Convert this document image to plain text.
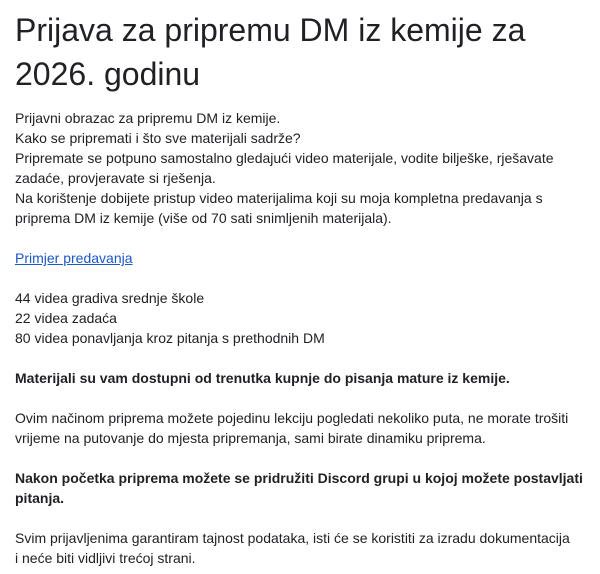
Prijava za pripremu DM iz kemije za
2026. godinu
Prijavni obrazac za pripremu DM iz kemije.
Kako se pripremati i što sve materijali sadrže?
Pripremate se potpuno samostalno gledajući video materijale, vodite bilješke, rješavate
zadaće, provjeravate si rješenja.
Na korištenje dobijete pristup video materijalima koji su moja kompletna predavanja s
priprema DM iz kemije (više od 70 sati snimljenih materijala).
Primjer predavanja
44 videa gradiva srednje škole
22 videa zadaća
80 videa ponavljanja kroz pitanja s prethodnih DM
Materijali su vam dostupni od trenutka kupnje do pisanja mature iz kemije.
Ovim načinom priprema možete pojedinu lekciju pogledati nekoliko puta, ne morate trošiti
vrijeme na putovanje do mjesta pripremanja, sami birate dinamiku priprema.
Nakon početka priprema možete se pridružiti Discord grupi u kojoj možete postavljati
pitanja.
Svim prijavljenima garantiram tajnost podataka, isti će se koristiti za izradu dokumentacija
i neće biti vidljivi trećoj strani.
